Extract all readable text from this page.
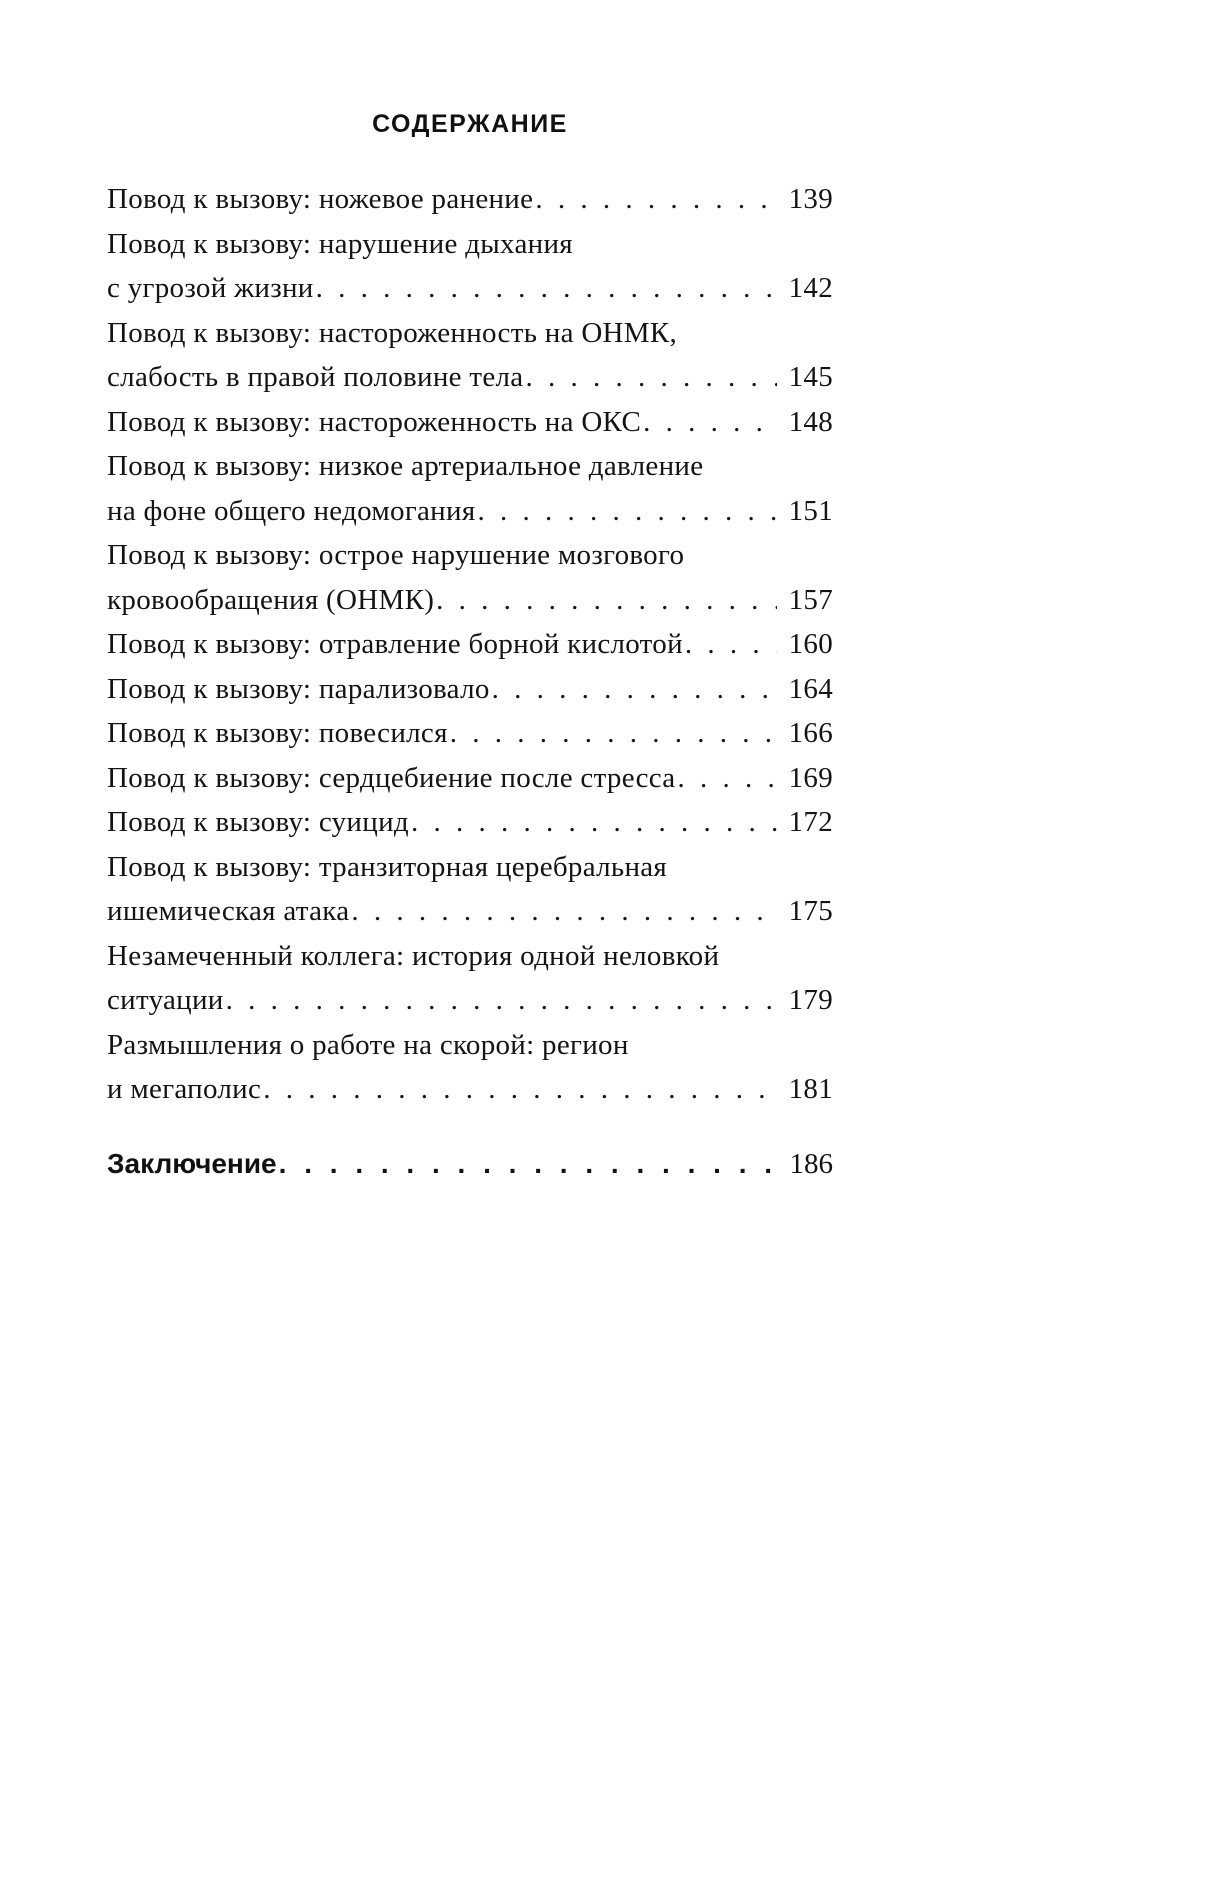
СОДЕРЖАНИЕ
Повод к вызову: ножевое ранение . . .	139
Повод к вызову: нарушение дыхания
с угрозой жизни . . .	142
Повод к вызову: настороженность на ОНМК,
слабость в правой половине тела . . .	145
Повод к вызову: настороженность на ОКС . . .	148
Повод к вызову: низкое артериальное давление
на фоне общего недомогания . . .	151
Повод к вызову: острое нарушение мозгового
кровообращения (ОНМК) . . .	157
Повод к вызову: отравление борной кислотой . . .	160
Повод к вызову: парализовало . . .	164
Повод к вызову: повесился . . .	166
Повод к вызову: сердцебиение после стресса . . .	169
Повод к вызову: суицид . . .	172
Повод к вызову: транзиторная церебральная
ишемическая атака . . .	175
Незамеченный коллега: история одной неловкой
ситуации . . .	179
Размышления о работе на скорой: регион
и мегаполис . . .	181
Заключение . . .	186
